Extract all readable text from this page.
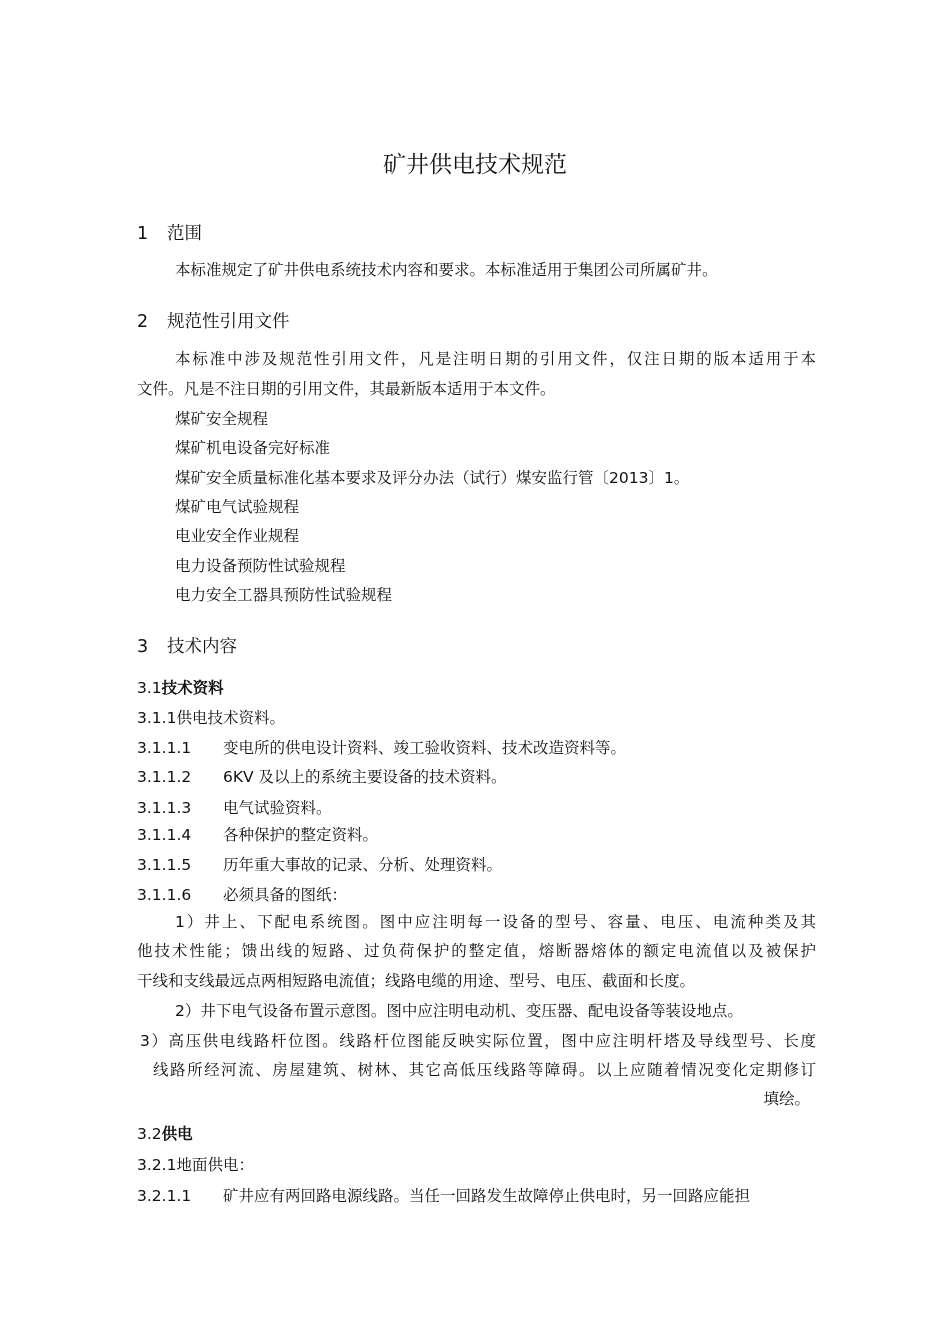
矿井供电技术规范
1 范围
本标准规定了矿井供电系统技术内容和要求。本标准适用于集团公司所属矿井。
2 规范性引用文件
本标准中涉及规范性引用文件，凡是注明日期的引用文件，仅注日期的版本适用于本
文件。凡是不注日期的引用文件，其最新版本适用于本文件。
煤矿安全规程
煤矿机电设备完好标准
煤矿安全质量标准化基本要求及评分办法（试行）煤安监行管〔2013〕1。
煤矿电气试验规程
电业安全作业规程
电力设备预防性试验规程
电力安全工器具预防性试验规程
3 技术内容
3.1技术资料
3.1.1供电技术资料。
3.1.1.1 变电所的供电设计资料、竣工验收资料、技术改造资料等。
3.1.1.2 6KV 及以上的系统主要设备的技术资料。
3.1.1.3 电气试验资料。
3.1.1.4 各种保护的整定资料。
3.1.1.5 历年重大事故的记录、分析、处理资料。
3.1.1.6 必须具备的图纸：
1）井上、下配电系统图。图中应注明每一设备的型号、容量、电压、电流种类及其
他技术性能；馈出线的短路、过负荷保护的整定值，熔断器熔体的额定电流值以及被保护
干线和支线最远点两相短路电流值；线路电缆的用途、型号、电压、截面和长度。
2）井下电气设备布置示意图。图中应注明电动机、变压器、配电设备等装设地点。
3）高压供电线路杆位图。线路杆位图能反映实际位置，图中应注明杆塔及导线型号、长度
线路所经河流、房屋建筑、树林、其它高低压线路等障碍。以上应随着情况变化定期修订
填绘。
3.2供电
3.2.1地面供电：
3.2.1.1 矿井应有两回路电源线路。当任一回路发生故障停止供电时，另一回路应能担
